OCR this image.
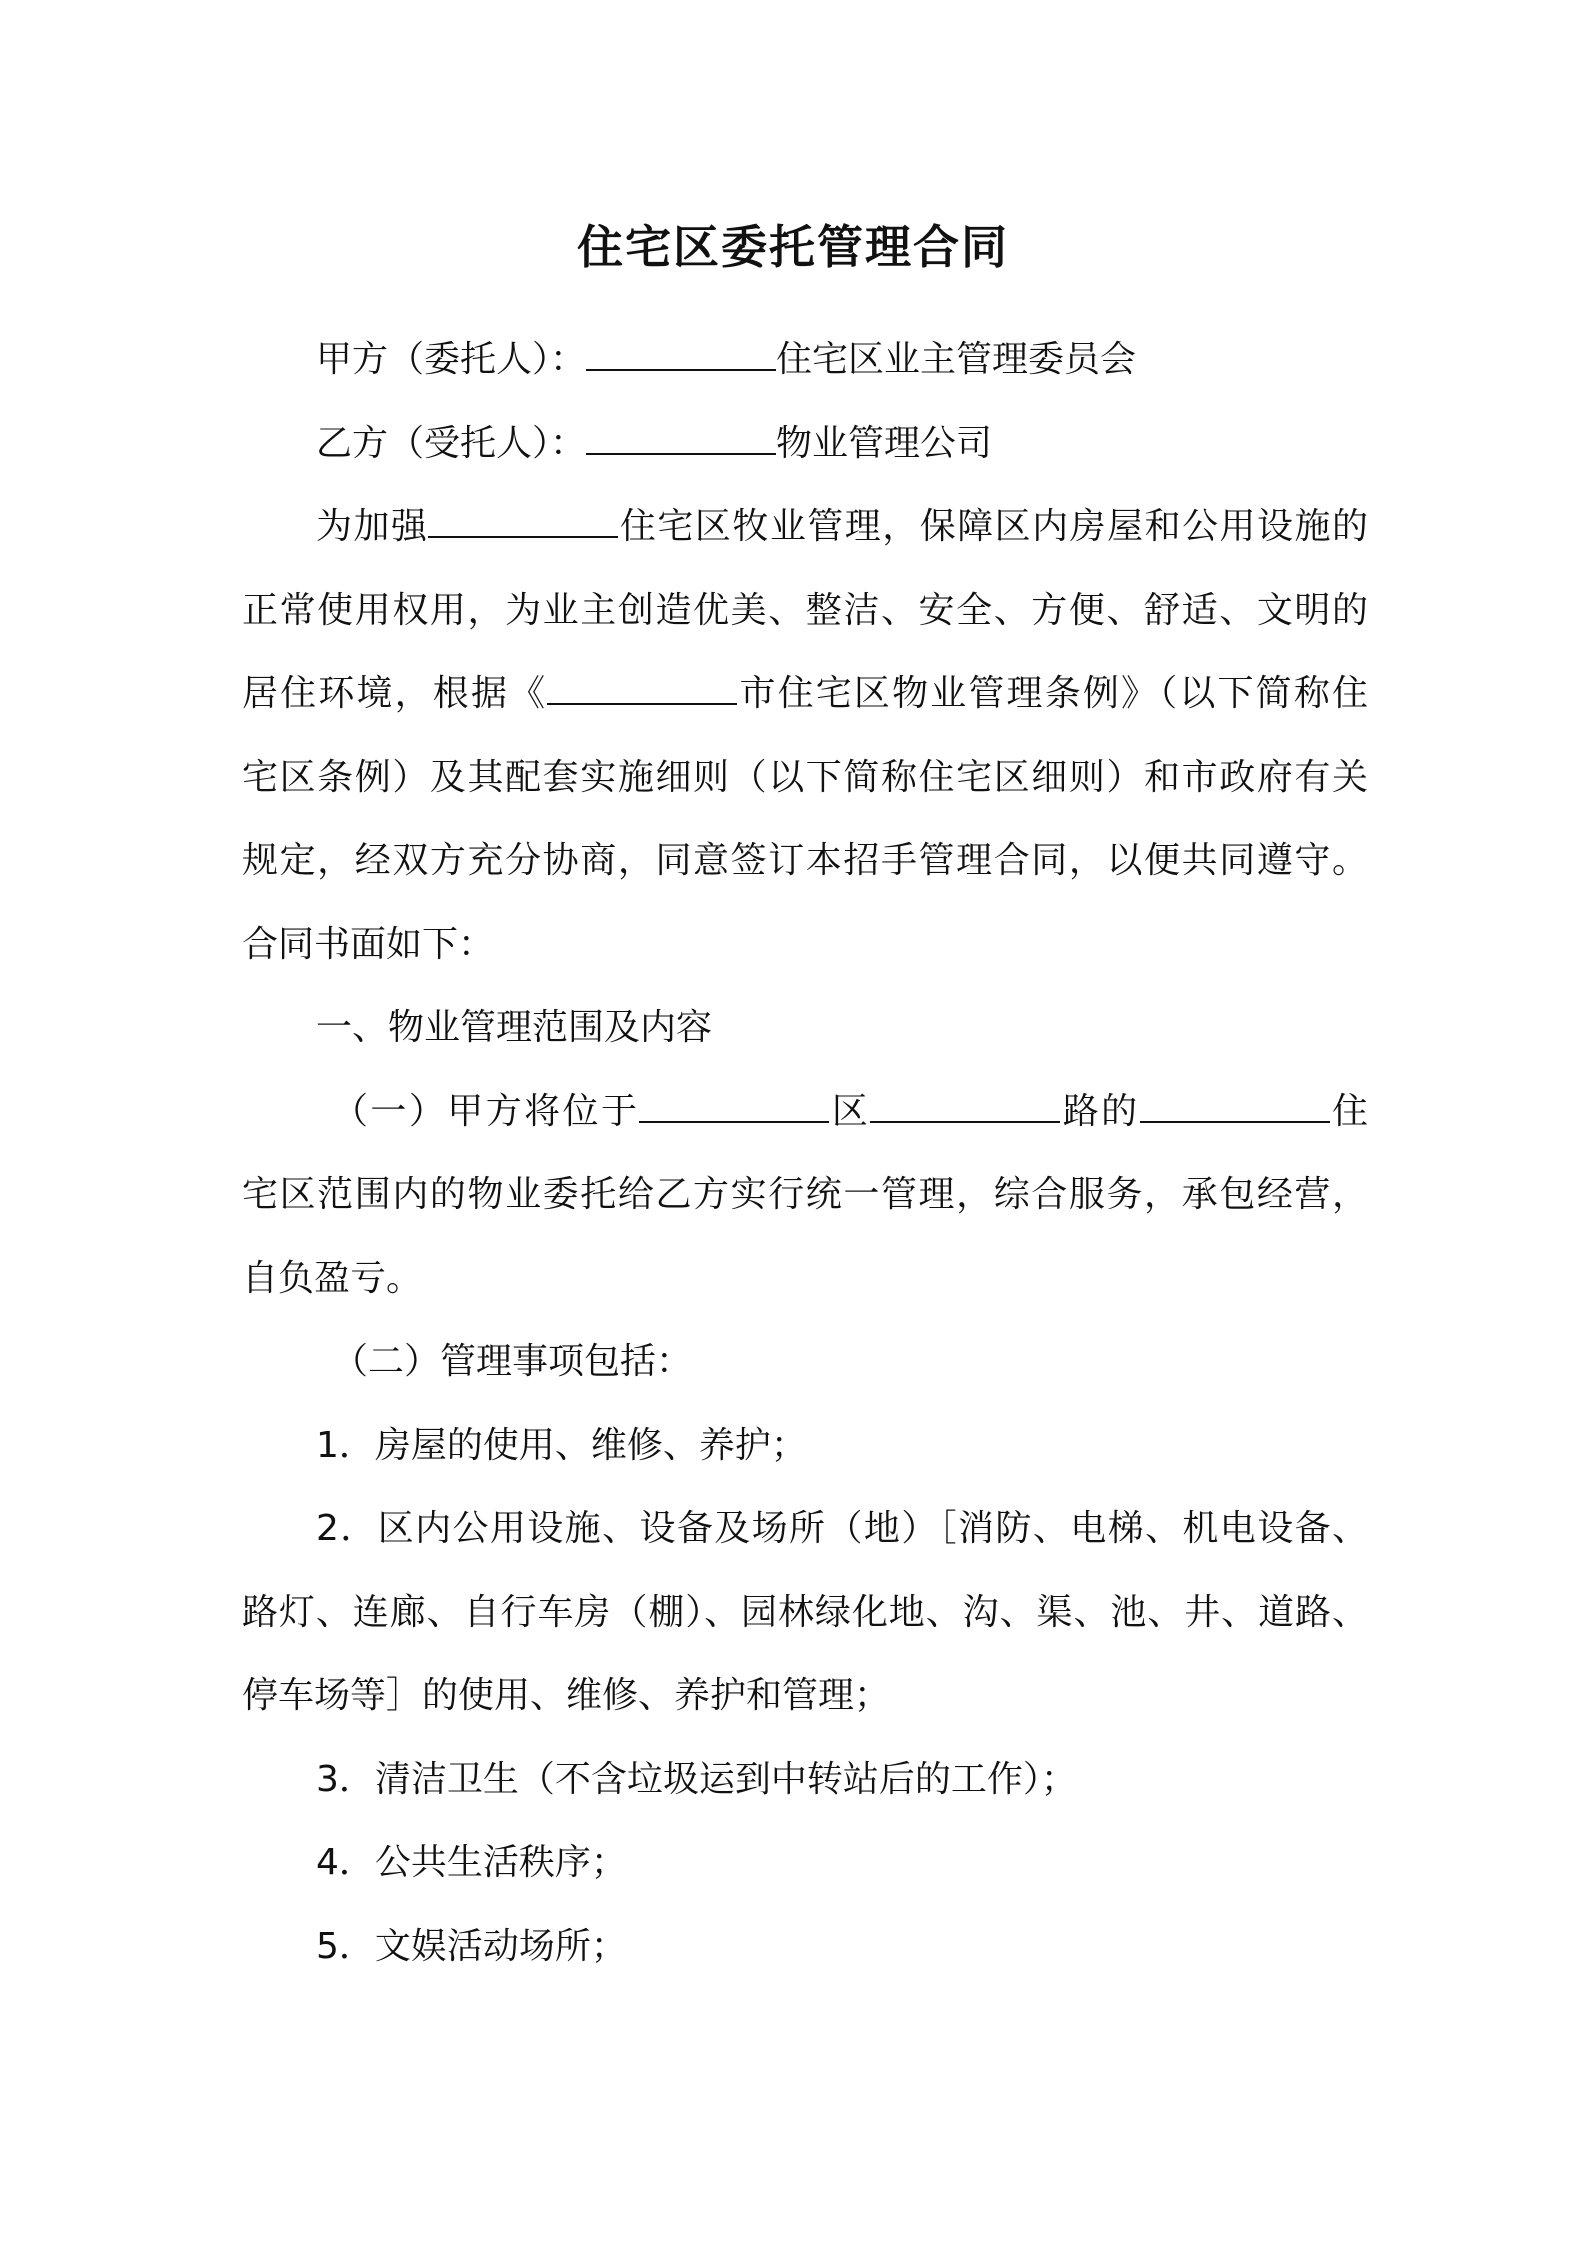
住宅区委托管理合同
甲方（委托人）：	住宅区业主管理委员会
乙方（受托人）：	物业管理公司
为加强	住宅区牧业管理，保障区内房屋和公用设施的
正常使用权用，为业主创造优美、整洁、安全、方便、舒适、文明的
居住环境，根据《	市住宅区物业管理条例》（以下简称住
宅区条例）及其配套实施细则（以下简称住宅区细则）和市政府有关
规定，经双方充分协商，同意签订本招手管理合同，以便共同遵守。
合同书面如下：
一、物业管理范围及内容
（一）甲方将位于	区	路的	住
宅区范围内的物业委托给乙方实行统一管理，综合服务，承包经营，
自负盈亏。
（二）管理事项包括：
1．房屋的使用、维修、养护；
2．区内公用设施、设备及场所（地）［消防、电梯、机电设备、
路灯、连廊、自行车房（棚）、园林绿化地、沟、渠、池、井、道路、
停车场等］的使用、维修、养护和管理；
3．清洁卫生（不含垃圾运到中转站后的工作）；
4．公共生活秩序；
5．文娱活动场所；
